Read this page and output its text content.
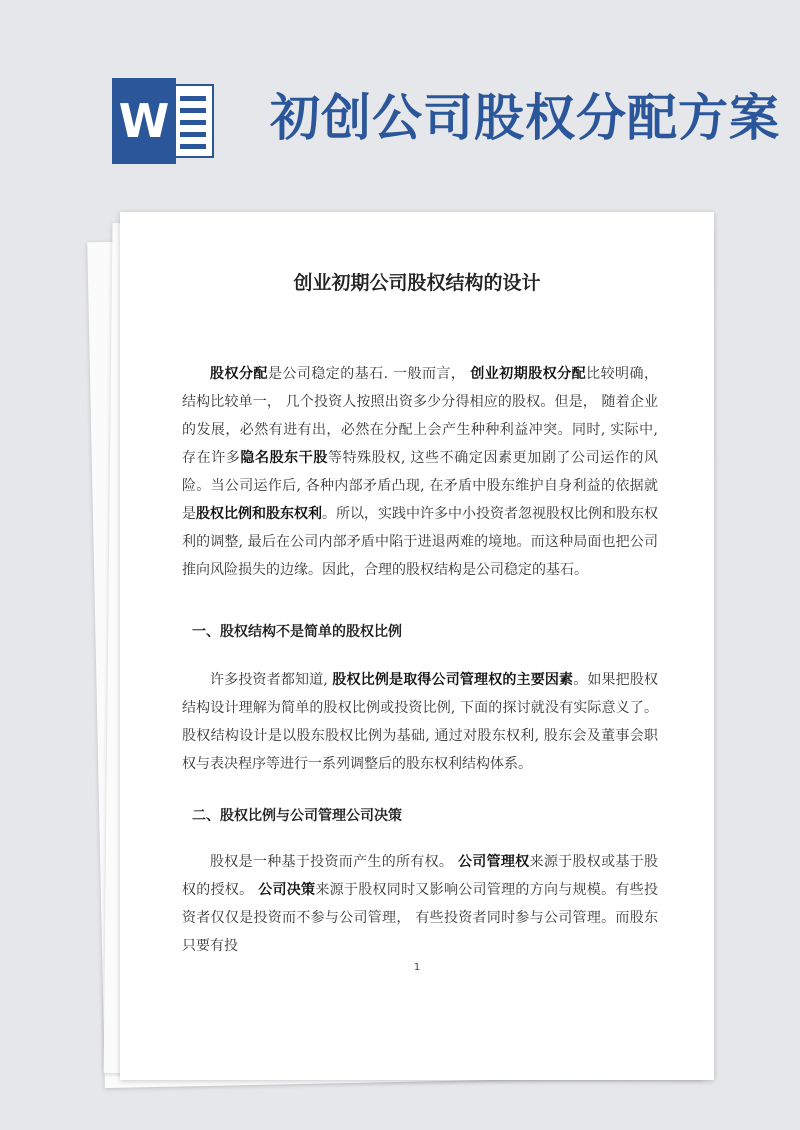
W 初创公司股权分配方案
创业初期公司股权结构的设计

股权分配是公司稳定的基石. 一般而言， 创业初期股权分配比较明确， 结构比较单一， 几个投资人按照出资多少分得相应的股权。但是， 随着企业的发展，必然有进有出，必然在分配上会产生种种利益冲突。同时, 实际中, 存在许多隐名股东干股等特殊股权, 这些不确定因素更加剧了公司运作的风险。当公司运作后, 各种内部矛盾凸现, 在矛盾中股东维护自身利益的依据就是股权比例和股东权利。所以，实践中许多中小投资者忽视股权比例和股东权利的调整, 最后在公司内部矛盾中陷于进退两难的境地。而这种局面也把公司推向风险损失的边缘。因此，合理的股权结构是公司稳定的基石。

一、股权结构不是简单的股权比例

许多投资者都知道, 股权比例是取得公司管理权的主要因素。如果把股权结构设计理解为简单的股权比例或投资比例, 下面的探讨就没有实际意义了。股权结构设计是以股东股权比例为基础, 通过对股东权利, 股东会及董事会职权与表决程序等进行一系列调整后的股东权利结构体系。

二、股权比例与公司管理公司决策

股权是一种基于投资而产生的所有权。 公司管理权来源于股权或基于股权的授权。 公司决策来源于股权同时又影响公司管理的方向与规模。有些投资者仅仅是投资而不参与公司管理， 有些投资者同时参与公司管理。而股东只要有投

1
